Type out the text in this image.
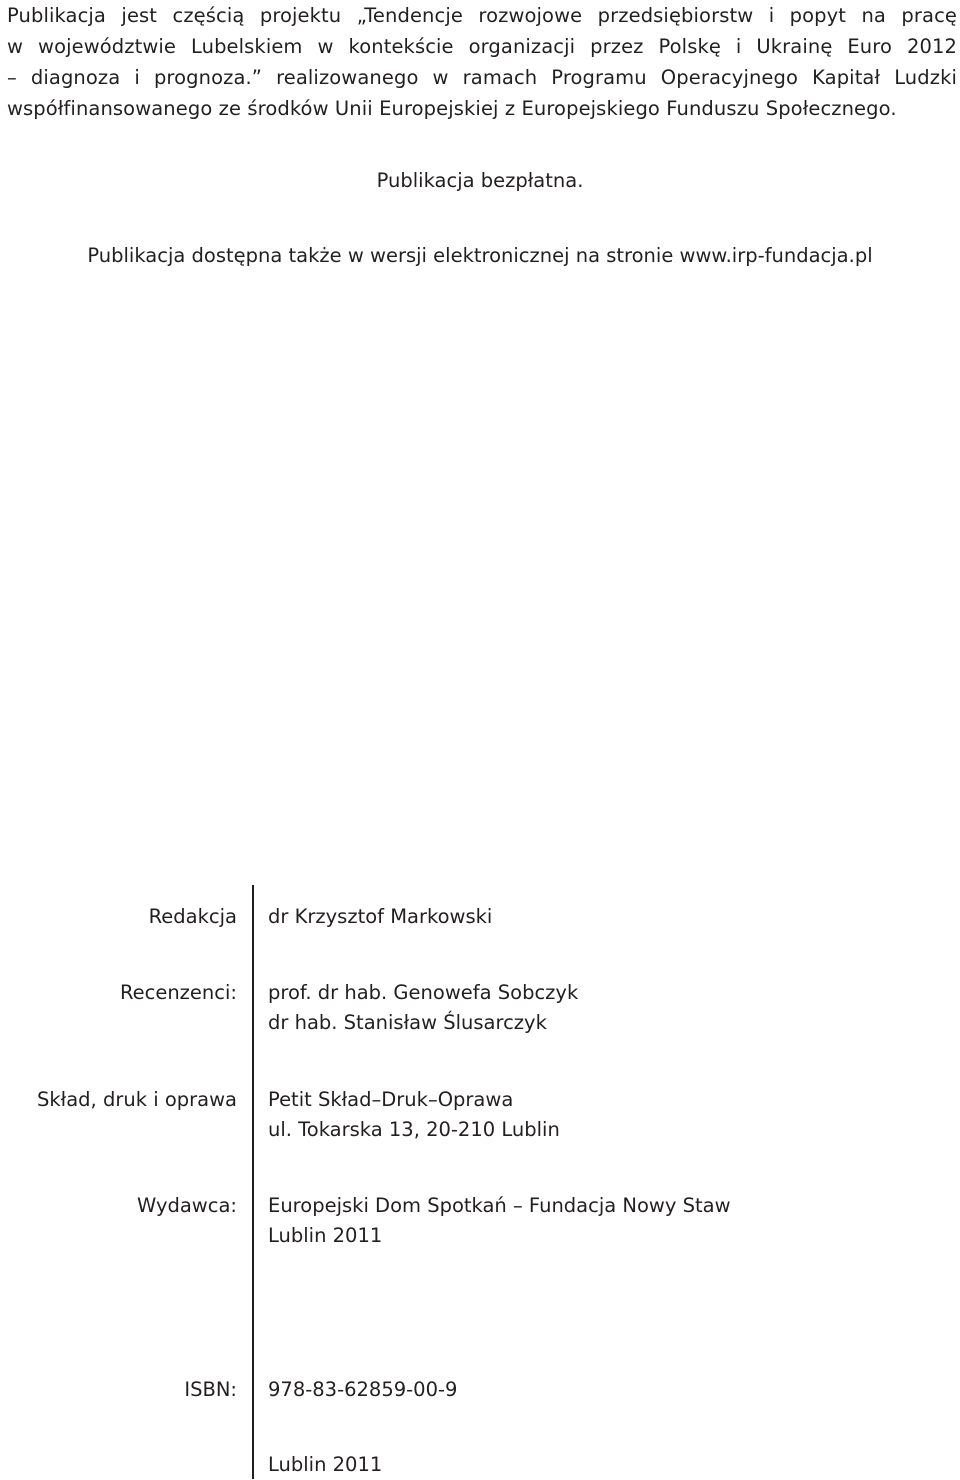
Publikacja jest częścią projektu „Tendencje rozwojowe przedsiębiorstw i popyt na pracę
w województwie Lubelskiem w kontekście organizacji przez Polskę i Ukrainę Euro 2012
– diagnoza i prognoza.” realizowanego w ramach Programu Operacyjnego Kapitał Ludzki
współfinansowanego ze środków Unii Europejskiej z Europejskiego Funduszu Społecznego.
Publikacja bezpłatna.
Publikacja dostępna także w wersji elektronicznej na stronie www.irp-fundacja.pl
Redakcja dr Krzysztof Markowski
Recenzenci: prof. dr hab. Genowefa Sobczyk
dr hab. Stanisław Ślusarczyk
Skład, druk i oprawa Petit Skład–Druk–Oprawa
ul. Tokarska 13, 20-210 Lublin
Wydawca: Europejski Dom Spotkań – Fundacja Nowy Staw
Lublin 2011
ISBN: 978-83-62859-00-9
Lublin 2011
